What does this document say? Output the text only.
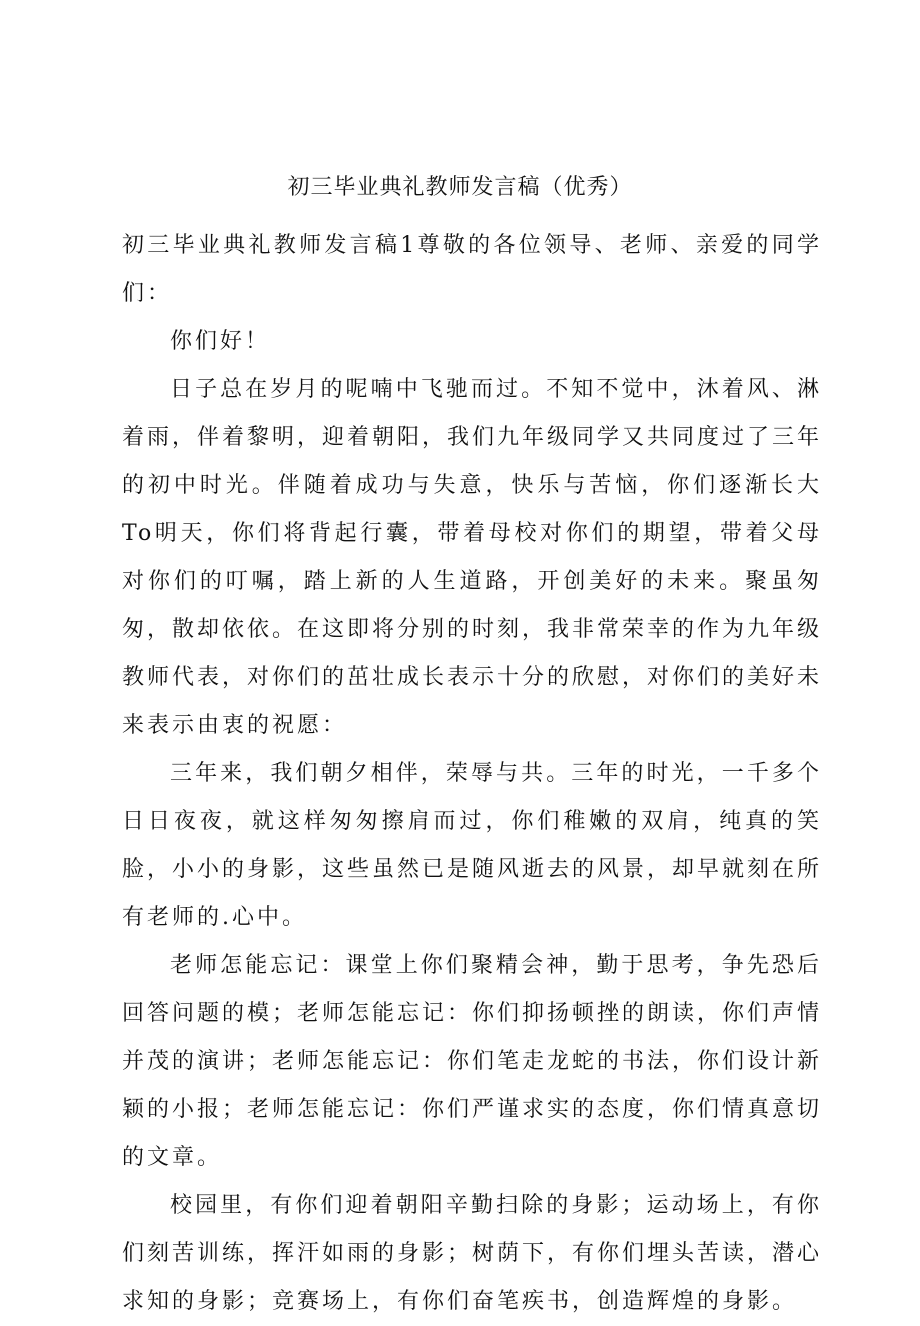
初三毕业典礼教师发言稿（优秀）

初三毕业典礼教师发言稿1尊敬的各位领导、老师、亲爱的同学们：

你们好！

日子总在岁月的呢喃中飞驰而过。不知不觉中，沐着风、淋着雨，伴着黎明，迎着朝阳，我们九年级同学又共同度过了三年的初中时光。伴随着成功与失意，快乐与苦恼，你们逐渐长大To明天，你们将背起行囊，带着母校对你们的期望，带着父母对你们的叮嘱，踏上新的人生道路，开创美好的未来。聚虽匆匆，散却依依。在这即将分别的时刻，我非常荣幸的作为九年级教师代表，对你们的茁壮成长表示十分的欣慰，对你们的美好未来表示由衷的祝愿：

三年来，我们朝夕相伴，荣辱与共。三年的时光，一千多个日日夜夜，就这样匆匆擦肩而过，你们稚嫩的双肩，纯真的笑脸，小小的身影，这些虽然已是随风逝去的风景，却早就刻在所有老师的.心中。

老师怎能忘记：课堂上你们聚精会神，勤于思考，争先恐后回答问题的模；老师怎能忘记：你们抑扬顿挫的朗读，你们声情并茂的演讲；老师怎能忘记：你们笔走龙蛇的书法，你们设计新颖的小报；老师怎能忘记：你们严谨求实的态度，你们情真意切的文章。

校园里，有你们迎着朝阳辛勤扫除的身影；运动场上，有你们刻苦训练，挥汗如雨的身影；树荫下，有你们埋头苦读，潜心求知的身影；竞赛场上，有你们奋笔疾书，创造辉煌的身影。
